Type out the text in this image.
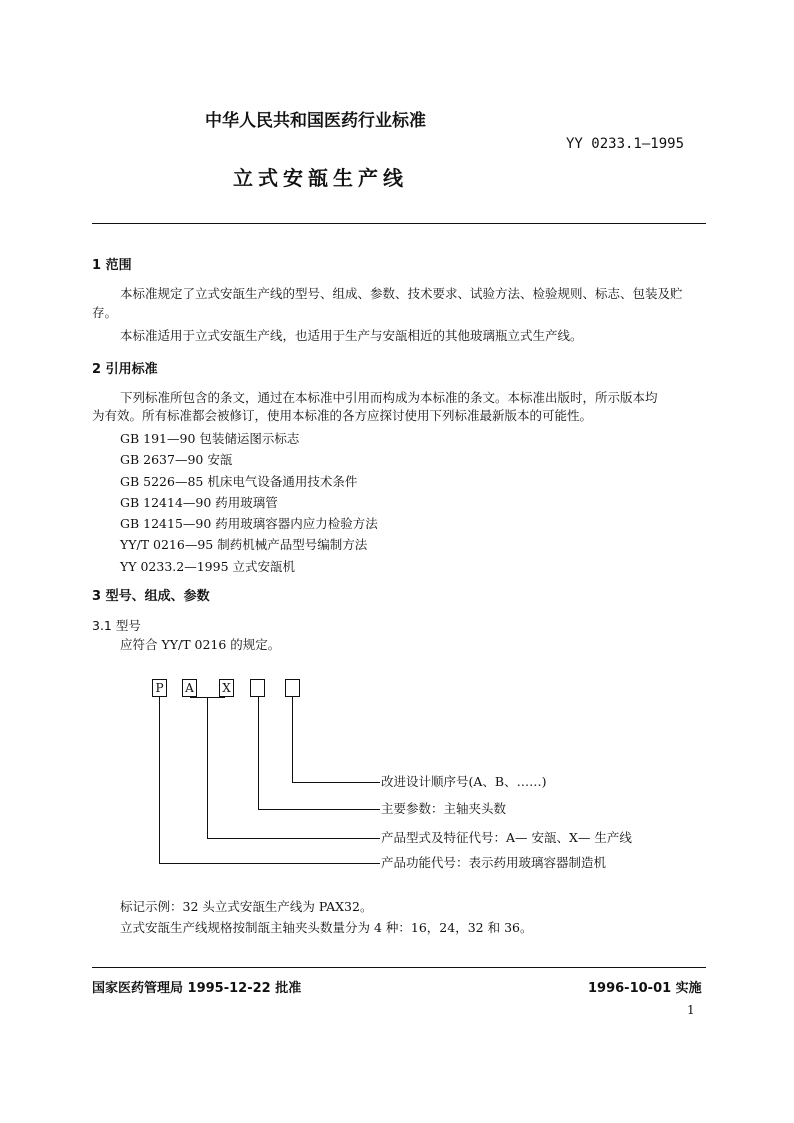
中华人民共和国医药行业标准
YY 0233.1—1995
立式安瓿生产线
1 范围
本标准规定了立式安瓿生产线的型号、组成、参数、技术要求、试验方法、检验规则、标志、包装及贮
存。
本标准适用于立式安瓿生产线，也适用于生产与安瓿相近的其他玻璃瓶立式生产线。
2 引用标准
下列标准所包含的条文，通过在本标准中引用而构成为本标准的条文。本标准出版时，所示版本均
为有效。所有标准都会被修订，使用本标准的各方应探讨使用下列标准最新版本的可能性。
GB 191—90 包装储运图示标志
GB 2637—90 安瓿
GB 5226—85 机床电气设备通用技术条件
GB 12414—90 药用玻璃管
GB 12415—90 药用玻璃容器内应力检验方法
YY/T 0216—95 制药机械产品型号编制方法
YY 0233.2—1995 立式安瓿机
3 型号、组成、参数
3.1 型号
应符合 YY/T 0216 的规定。
P A X
改进设计顺序号(A、B、……)
主要参数：主轴夹头数
产品型式及特征代号：A— 安瓿、X— 生产线
产品功能代号：表示药用玻璃容器制造机
标记示例：32 头立式安瓿生产线为 PAX32。
立式安瓿生产线规格按制瓿主轴夹头数量分为 4 种：16，24，32 和 36。
国家医药管理局 1995-12-22 批准	1996-10-01 实施
1
